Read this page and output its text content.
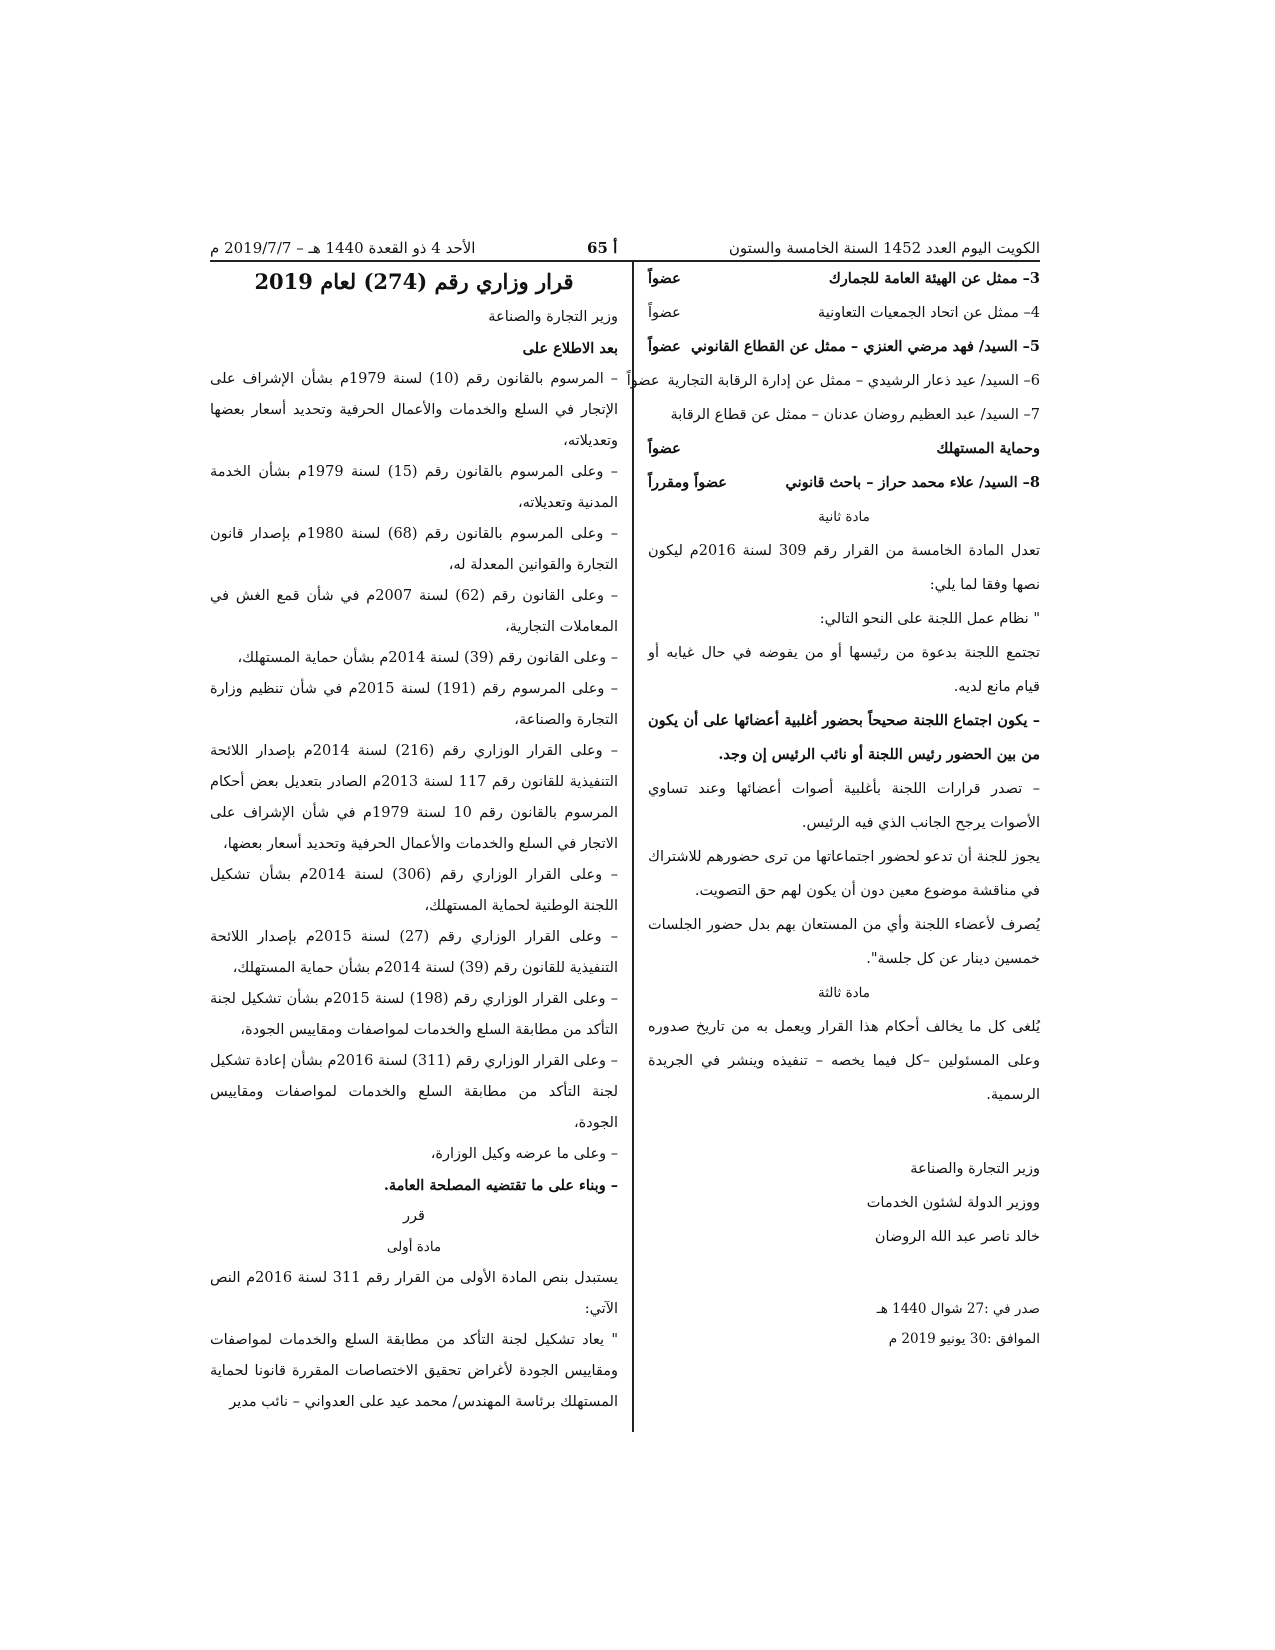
الأحد 4 ذو القعدة 1440 هـ – 2019/7/7 م	65 أ	الكويت اليوم العدد 1452 السنة الخامسة والستون
3– ممثل عن الهيئة العامة للجمارك
عضواً
4– ممثل عن اتحاد الجمعيات التعاونية
عضواً
5– السيد/ فهد مرضي العنزي – ممثل عن القطاع القانوني
عضواً
6– السيد/ عيد ذعار الرشيدي – ممثل عن إدارة الرقابة التجارية
عضواً

7– السيد/ عبد العظيم روضان عدنان – ممثل عن قطاع الرقابة

وحماية المستهلك
عضواً
8– السيد/ علاء محمد حراز – باحث قانوني
عضواً ومقرراً

مادة ثانية

تعدل المادة الخامسة من القرار رقم 309 لسنة 2016م ليكون نصها وفقا لما يلي:

" نظام عمل اللجنة على النحو التالي:

تجتمع اللجنة بدعوة من رئيسها أو من يفوضه في حال غيابه أو قيام مانع لديه.

– يكون اجتماع اللجنة صحيحاً بحضور أغلبية أعضائها على أن يكون من بين الحضور رئيس اللجنة أو نائب الرئيس إن وجد.

– تصدر قرارات اللجنة بأغلبية أصوات أعضائها وعند تساوي الأصوات يرجح الجانب الذي فيه الرئيس.

يجوز للجنة أن تدعو لحضور اجتماعاتها من ترى حضورهم للاشتراك في مناقشة موضوع معين دون أن يكون لهم حق التصويت.

يُصرف لأعضاء اللجنة وأي من المستعان بهم بدل حضور الجلسات خمسين دينار عن كل جلسة".

مادة ثالثة

يُلغى كل ما يخالف أحكام هذا القرار ويعمل به من تاريخ صدوره وعلى المسئولين –كل فيما يخصه – تنفيذه وينشر في الجريدة الرسمية.

وزير التجارة والصناعة

ووزير الدولة لشئون الخدمات

خالد ناصر عبد الله الروضان

صدر في :27 شوال 1440 هـ

الموافق :30 يونيو 2019 م

قرار وزاري رقم (274) لعام 2019

وزير التجارة والصناعة

بعد الاطلاع على

– المرسوم بالقانون رقم (10) لسنة 1979م بشأن الإشراف على الإتجار في السلع والخدمات والأعمال الحرفية وتحديد أسعار بعضها وتعديلاته،

– وعلى المرسوم بالقانون رقم (15) لسنة 1979م بشأن الخدمة المدنية وتعديلاته،

– وعلى المرسوم بالقانون رقم (68) لسنة 1980م بإصدار قانون التجارة والقوانين المعدلة له،

– وعلى القانون رقم (62) لسنة 2007م في شأن قمع الغش في المعاملات التجارية،

– وعلى القانون رقم (39) لسنة 2014م بشأن حماية المستهلك،

– وعلى المرسوم رقم (191) لسنة 2015م في شأن تنظيم وزارة التجارة والصناعة،

– وعلى القرار الوزاري رقم (216) لسنة 2014م بإصدار اللائحة التنفيذية للقانون رقم 117 لسنة 2013م الصادر بتعديل بعض أحكام المرسوم بالقانون رقم 10 لسنة 1979م في شأن الإشراف على الاتجار في السلع والخدمات والأعمال الحرفية وتحديد أسعار بعضها،

– وعلى القرار الوزاري رقم (306) لسنة 2014م بشأن تشكيل اللجنة الوطنية لحماية المستهلك،

– وعلى القرار الوزاري رقم (27) لسنة 2015م بإصدار اللائحة التنفيذية للقانون رقم (39) لسنة 2014م بشأن حماية المستهلك،

– وعلى القرار الوزاري رقم (198) لسنة 2015م بشأن تشكيل لجنة التأكد من مطابقة السلع والخدمات لمواصفات ومقاييس الجودة،

– وعلى القرار الوزاري رقم (311) لسنة 2016م بشأن إعادة تشكيل لجنة التأكد من مطابقة السلع والخدمات لمواصفات ومقاييس الجودة،

– وعلى ما عرضه وكيل الوزارة،

– وبناء على ما تقتضيه المصلحة العامة.

قرر

مادة أولى

يستبدل بنص المادة الأولى من القرار رقم 311 لسنة 2016م النص الآتي:

" يعاد تشكيل لجنة التأكد من مطابقة السلع والخدمات لمواصفات ومقاييس الجودة لأغراض تحقيق الاختصاصات المقررة قانونا لحماية المستهلك برئاسة المهندس/ محمد عيد على العدواني – نائب مدير
